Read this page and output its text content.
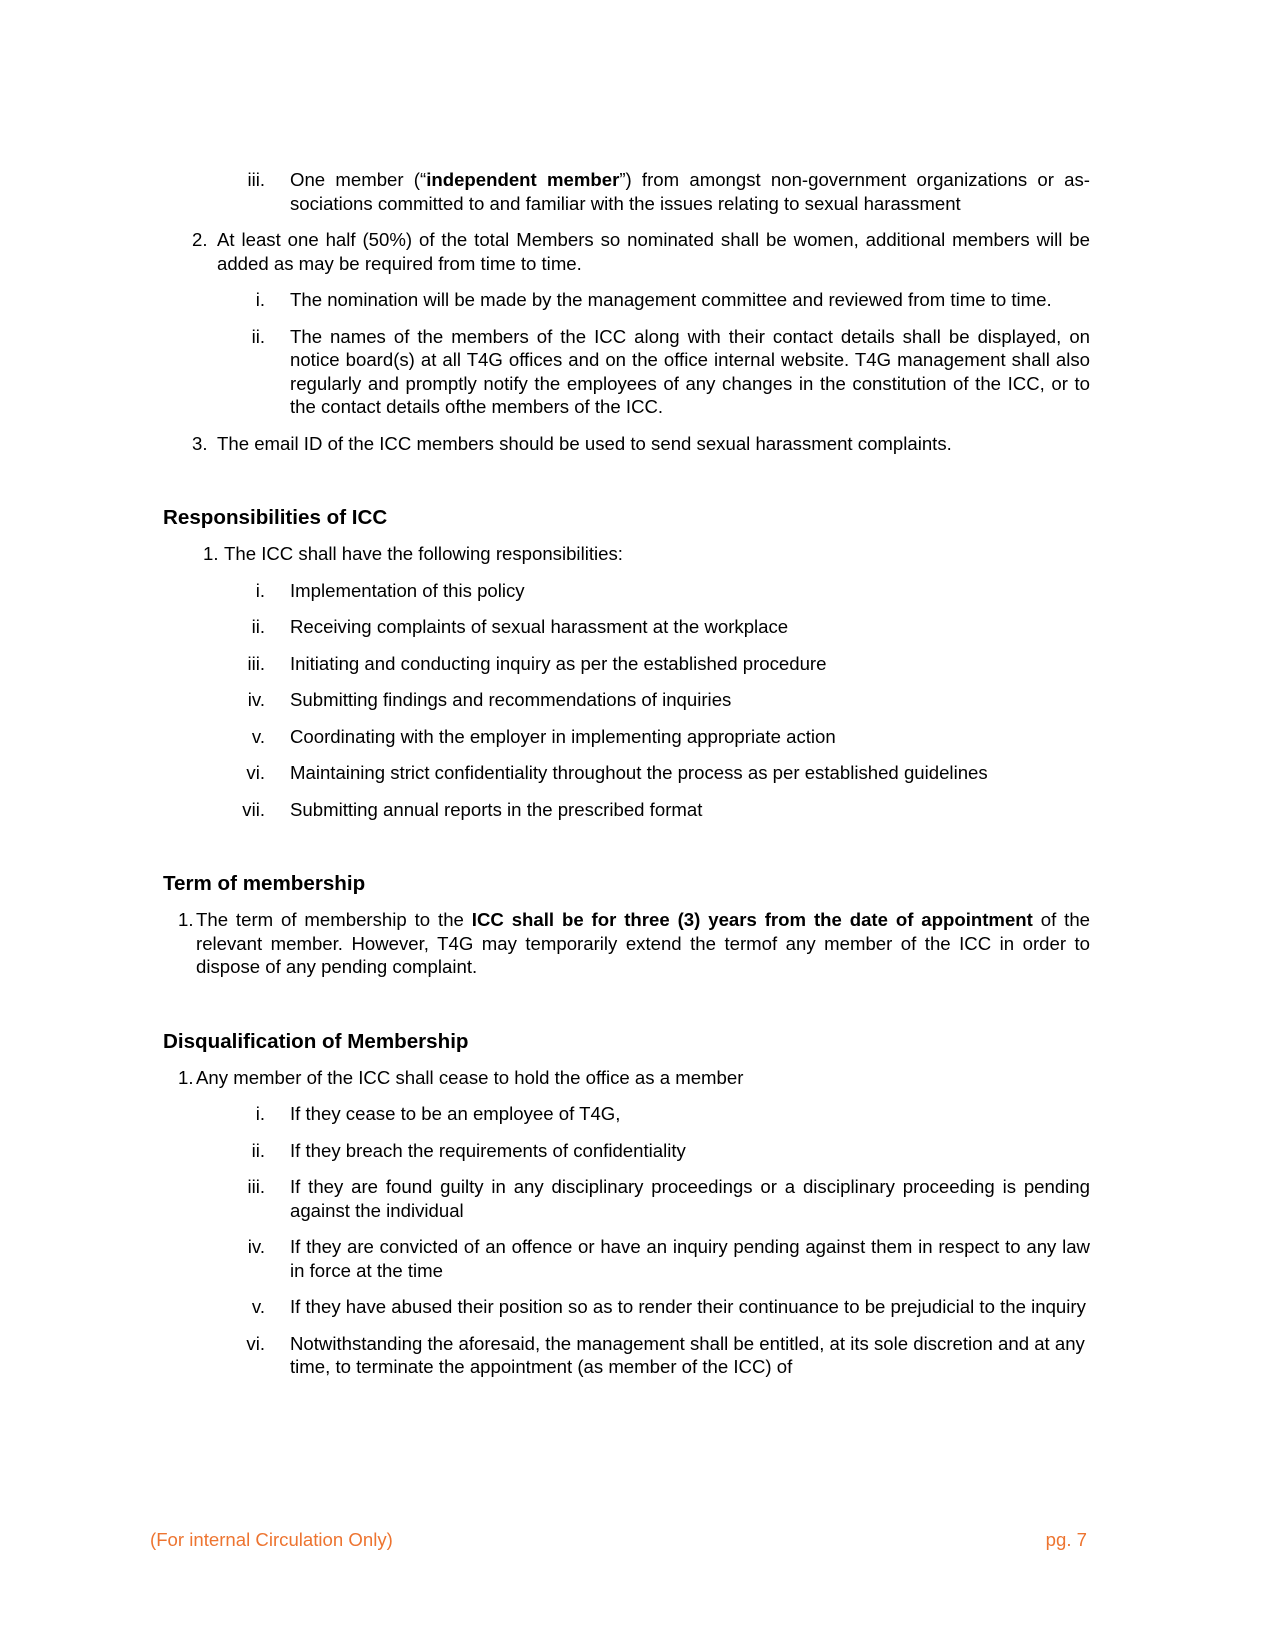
iii. One member (“independent member”) from amongst non-government organizations or as-sociations committed to and familiar with the issues relating to sexual harassment
2. At least one half (50%) of the total Members so nominated shall be women, additional members will be added as may be required from time to time.
i. The nomination will be made by the management committee and reviewed from time to time.
ii. The names of the members of the ICC along with their contact details shall be displayed, on notice board(s) at all T4G offices and on the office internal website. T4G management shall also regularly and promptly notify the employees of any changes in the constitution of the ICC, or to the contact details ofthe members of the ICC.
3. The email ID of the ICC members should be used to send sexual harassment complaints.
Responsibilities of ICC
1. The ICC shall have the following responsibilities:
i. Implementation of this policy
ii. Receiving complaints of sexual harassment at the workplace
iii. Initiating and conducting inquiry as per the established procedure
iv. Submitting findings and recommendations of inquiries
v. Coordinating with the employer in implementing appropriate action
vi. Maintaining strict confidentiality throughout the process as per established guidelines
vii. Submitting annual reports in the prescribed format
Term of membership
1. The term of membership to the ICC shall be for three (3) years from the date of appointment of the relevant member. However, T4G may temporarily extend the termof any member of the ICC in order to dispose of any pending complaint.
Disqualification of Membership
1. Any member of the ICC shall cease to hold the office as a member
i. If they cease to be an employee of T4G,
ii. If they breach the requirements of confidentiality
iii. If they are found guilty in any disciplinary proceedings or a disciplinary proceeding is pending against the individual
iv. If they are convicted of an offence or have an inquiry pending against them in respect to any law in force at the time
v. If they have abused their position so as to render their continuance to be prejudicial to the inquiry
vi. Notwithstanding the aforesaid, the management shall be entitled, at its sole discretion and at any time, to terminate the appointment (as member of the ICC) of
(For internal Circulation Only)	pg. 7
